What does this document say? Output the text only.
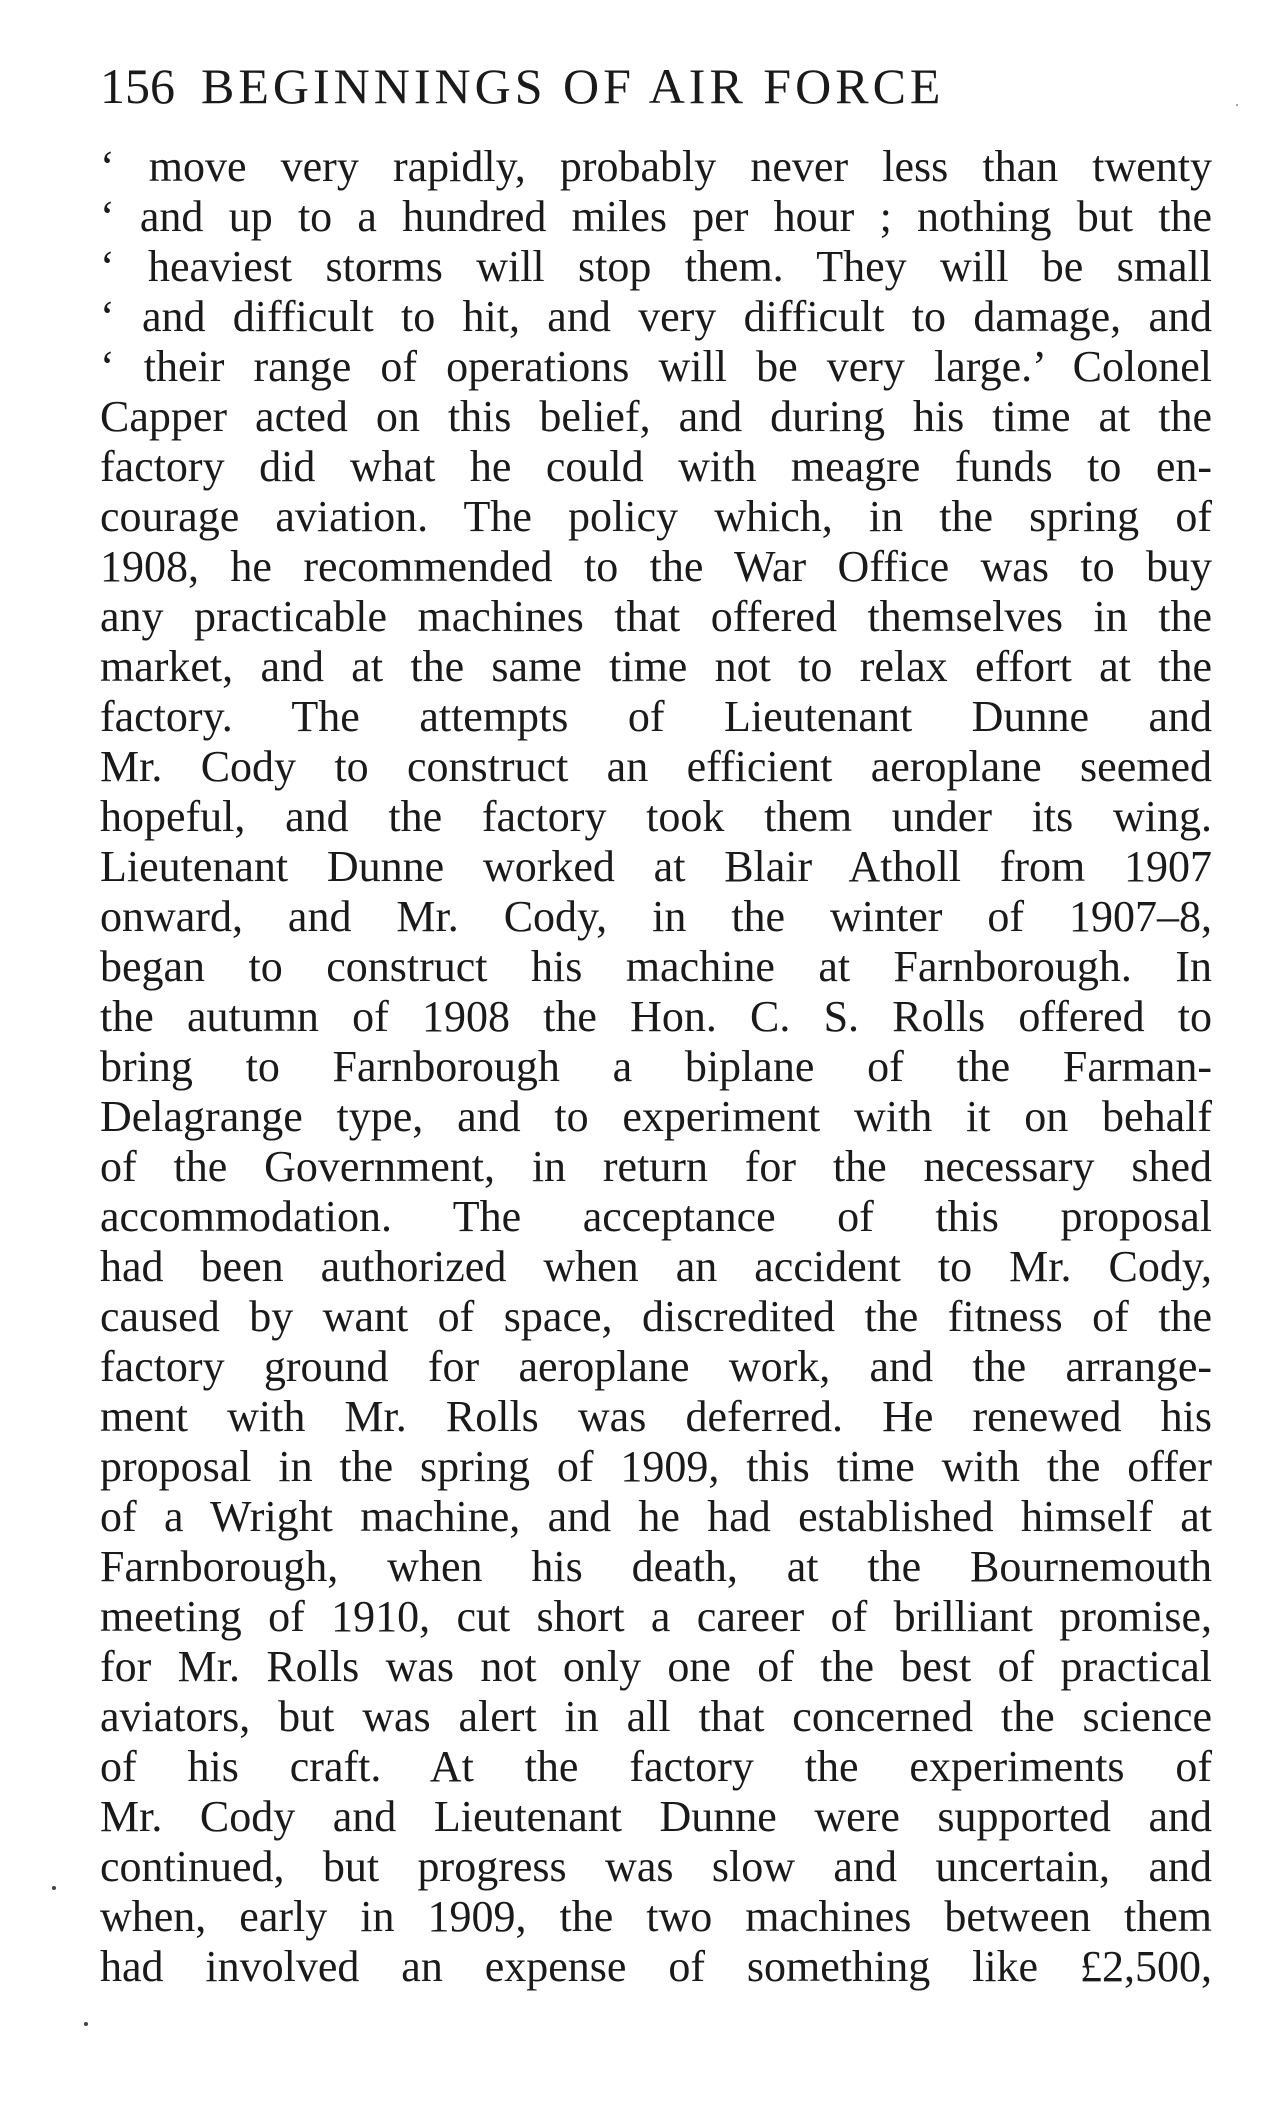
156 BEGINNINGS OF AIR FORCE
‘ move very rapidly, probably never less than twenty
‘ and up to a hundred miles per hour ; nothing but the
‘ heaviest storms will stop them. They will be small
‘ and difficult to hit, and very difficult to damage, and
‘ their range of operations will be very large.’ Colonel
Capper acted on this belief, and during his time at the
factory did what he could with meagre funds to en-
courage aviation. The policy which, in the spring of
1908, he recommended to the War Office was to buy
any practicable machines that offered themselves in the
market, and at the same time not to relax effort at the
factory. The attempts of Lieutenant Dunne and
Mr. Cody to construct an efficient aeroplane seemed
hopeful, and the factory took them under its wing.
Lieutenant Dunne worked at Blair Atholl from 1907
onward, and Mr. Cody, in the winter of 1907–8,
began to construct his machine at Farnborough. In
the autumn of 1908 the Hon. C. S. Rolls offered to
bring to Farnborough a biplane of the Farman-
Delagrange type, and to experiment with it on behalf
of the Government, in return for the necessary shed
accommodation. The acceptance of this proposal
had been authorized when an accident to Mr. Cody,
caused by want of space, discredited the fitness of the
factory ground for aeroplane work, and the arrange-
ment with Mr. Rolls was deferred. He renewed his
proposal in the spring of 1909, this time with the offer
of a Wright machine, and he had established himself at
Farnborough, when his death, at the Bournemouth
meeting of 1910, cut short a career of brilliant promise,
for Mr. Rolls was not only one of the best of practical
aviators, but was alert in all that concerned the science
of his craft. At the factory the experiments of
Mr. Cody and Lieutenant Dunne were supported and
continued, but progress was slow and uncertain, and
when, early in 1909, the two machines between them
had involved an expense of something like £2,500,
